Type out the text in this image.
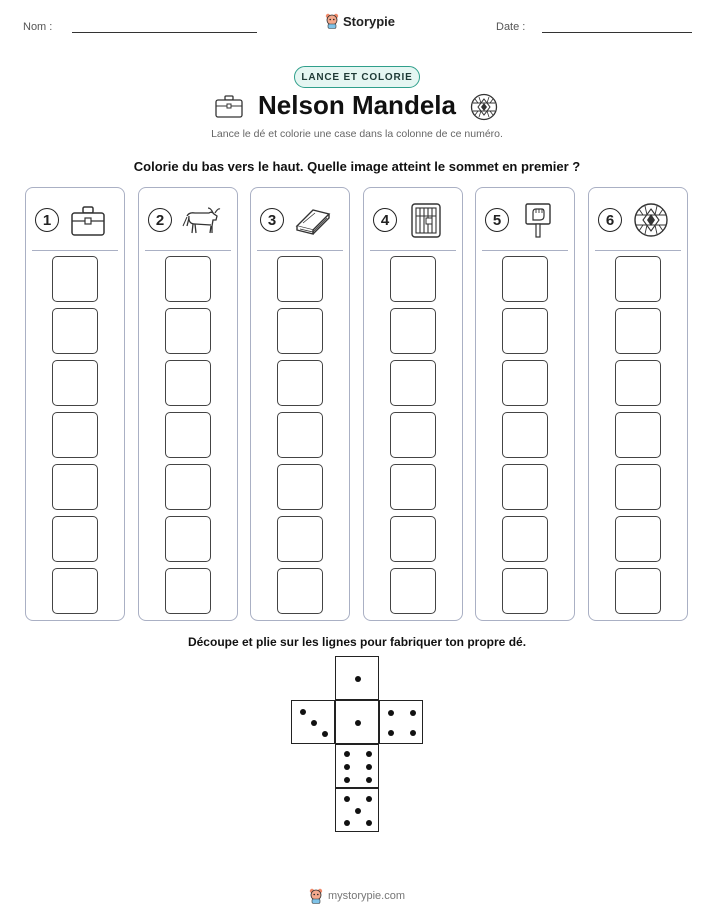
Nom :	Storypie	Date :
LANCE ET COLORIE
Nelson Mandela
Lance le dé et colorie une case dans la colonne de ce numéro.
Colorie du bas vers le haut. Quelle image atteint le sommet en premier ?
1	2	3	4	5	6
Découpe et plie sur les lignes pour fabriquer ton propre dé.
mystorypie.com
